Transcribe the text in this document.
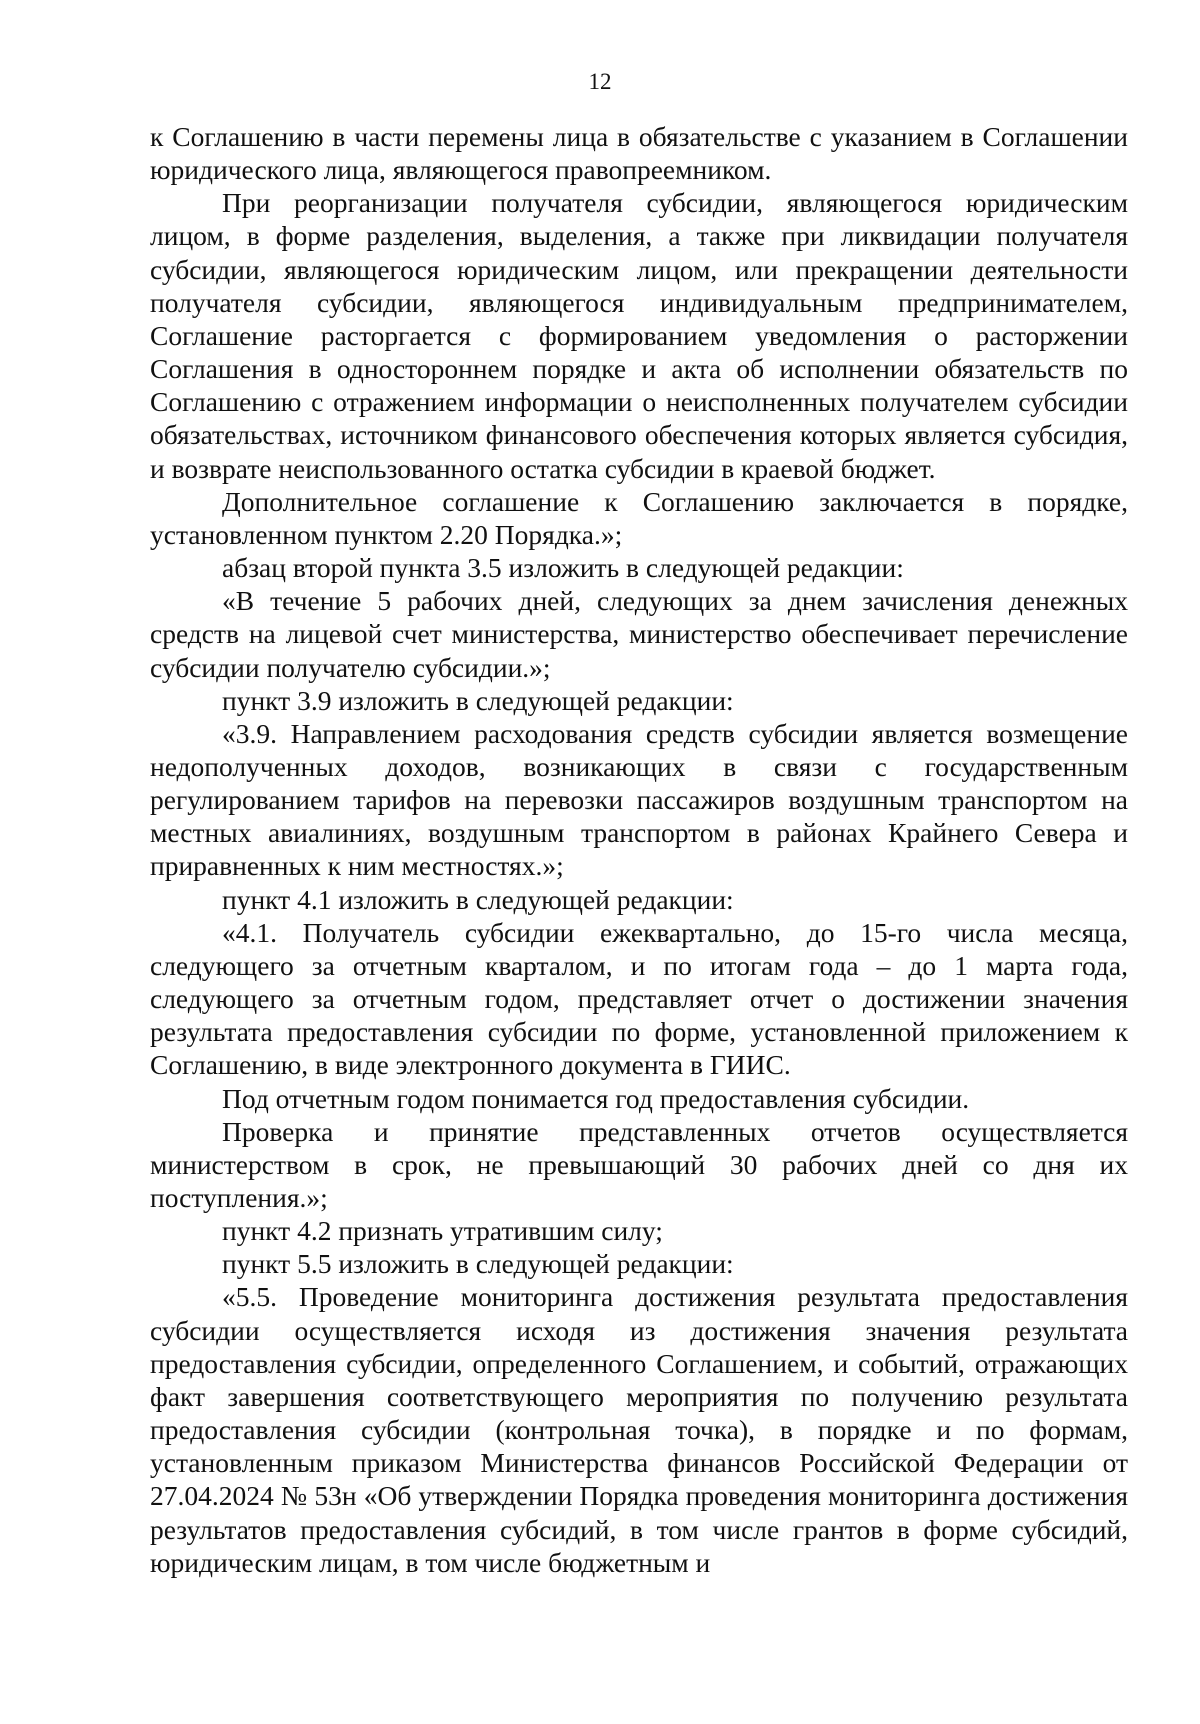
12

к Соглашению в части перемены лица в обязательстве с указанием в Соглашении юридического лица, являющегося правопреемником.

При реорганизации получателя субсидии, являющегося юридическим лицом, в форме разделения, выделения, а также при ликвидации получателя субсидии, являющегося юридическим лицом, или прекращении деятельности получателя субсидии, являющегося индивидуальным предпринимателем, Соглашение расторгается с формированием уведомления о расторжении Соглашения в одностороннем порядке и акта об исполнении обязательств по Соглашению с отражением информации о неисполненных получателем субсидии обязательствах, источником финансового обеспечения которых является субсидия, и возврате неиспользованного остатка субсидии в краевой бюджет.

Дополнительное соглашение к Соглашению заключается в порядке, установленном пунктом 2.20 Порядка.»;

абзац второй пункта 3.5 изложить в следующей редакции:

«В течение 5 рабочих дней, следующих за днем зачисления денежных средств на лицевой счет министерства, министерство обеспечивает перечисление субсидии получателю субсидии.»;

пункт 3.9 изложить в следующей редакции:

«3.9. Направлением расходования средств субсидии является возмещение недополученных доходов, возникающих в связи с государственным регулированием тарифов на перевозки пассажиров воздушным транспортом на местных авиалиниях, воздушным транспортом в районах Крайнего Севера и приравненных к ним местностях.»;

пункт 4.1 изложить в следующей редакции:

«4.1. Получатель субсидии ежеквартально, до 15-го числа месяца, следующего за отчетным кварталом, и по итогам года – до 1 марта года, следующего за отчетным годом, представляет отчет о достижении значения результата предоставления субсидии по форме, установленной приложением к Соглашению, в виде электронного документа в ГИИС.

Под отчетным годом понимается год предоставления субсидии.

Проверка и принятие представленных отчетов осуществляется министерством в срок, не превышающий 30 рабочих дней со дня их поступления.»;

пункт 4.2 признать утратившим силу;

пункт 5.5 изложить в следующей редакции:

«5.5. Проведение мониторинга достижения результата предоставления субсидии осуществляется исходя из достижения значения результата предоставления субсидии, определенного Соглашением, и событий, отражающих факт завершения соответствующего мероприятия по получению результата предоставления субсидии (контрольная точка), в порядке и по формам, установленным приказом Министерства финансов Российской Федерации от 27.04.2024 № 53н «Об утверждении Порядка проведения мониторинга достижения результатов предоставления субсидий, в том числе грантов в форме субсидий, юридическим лицам, в том числе бюджетным и
